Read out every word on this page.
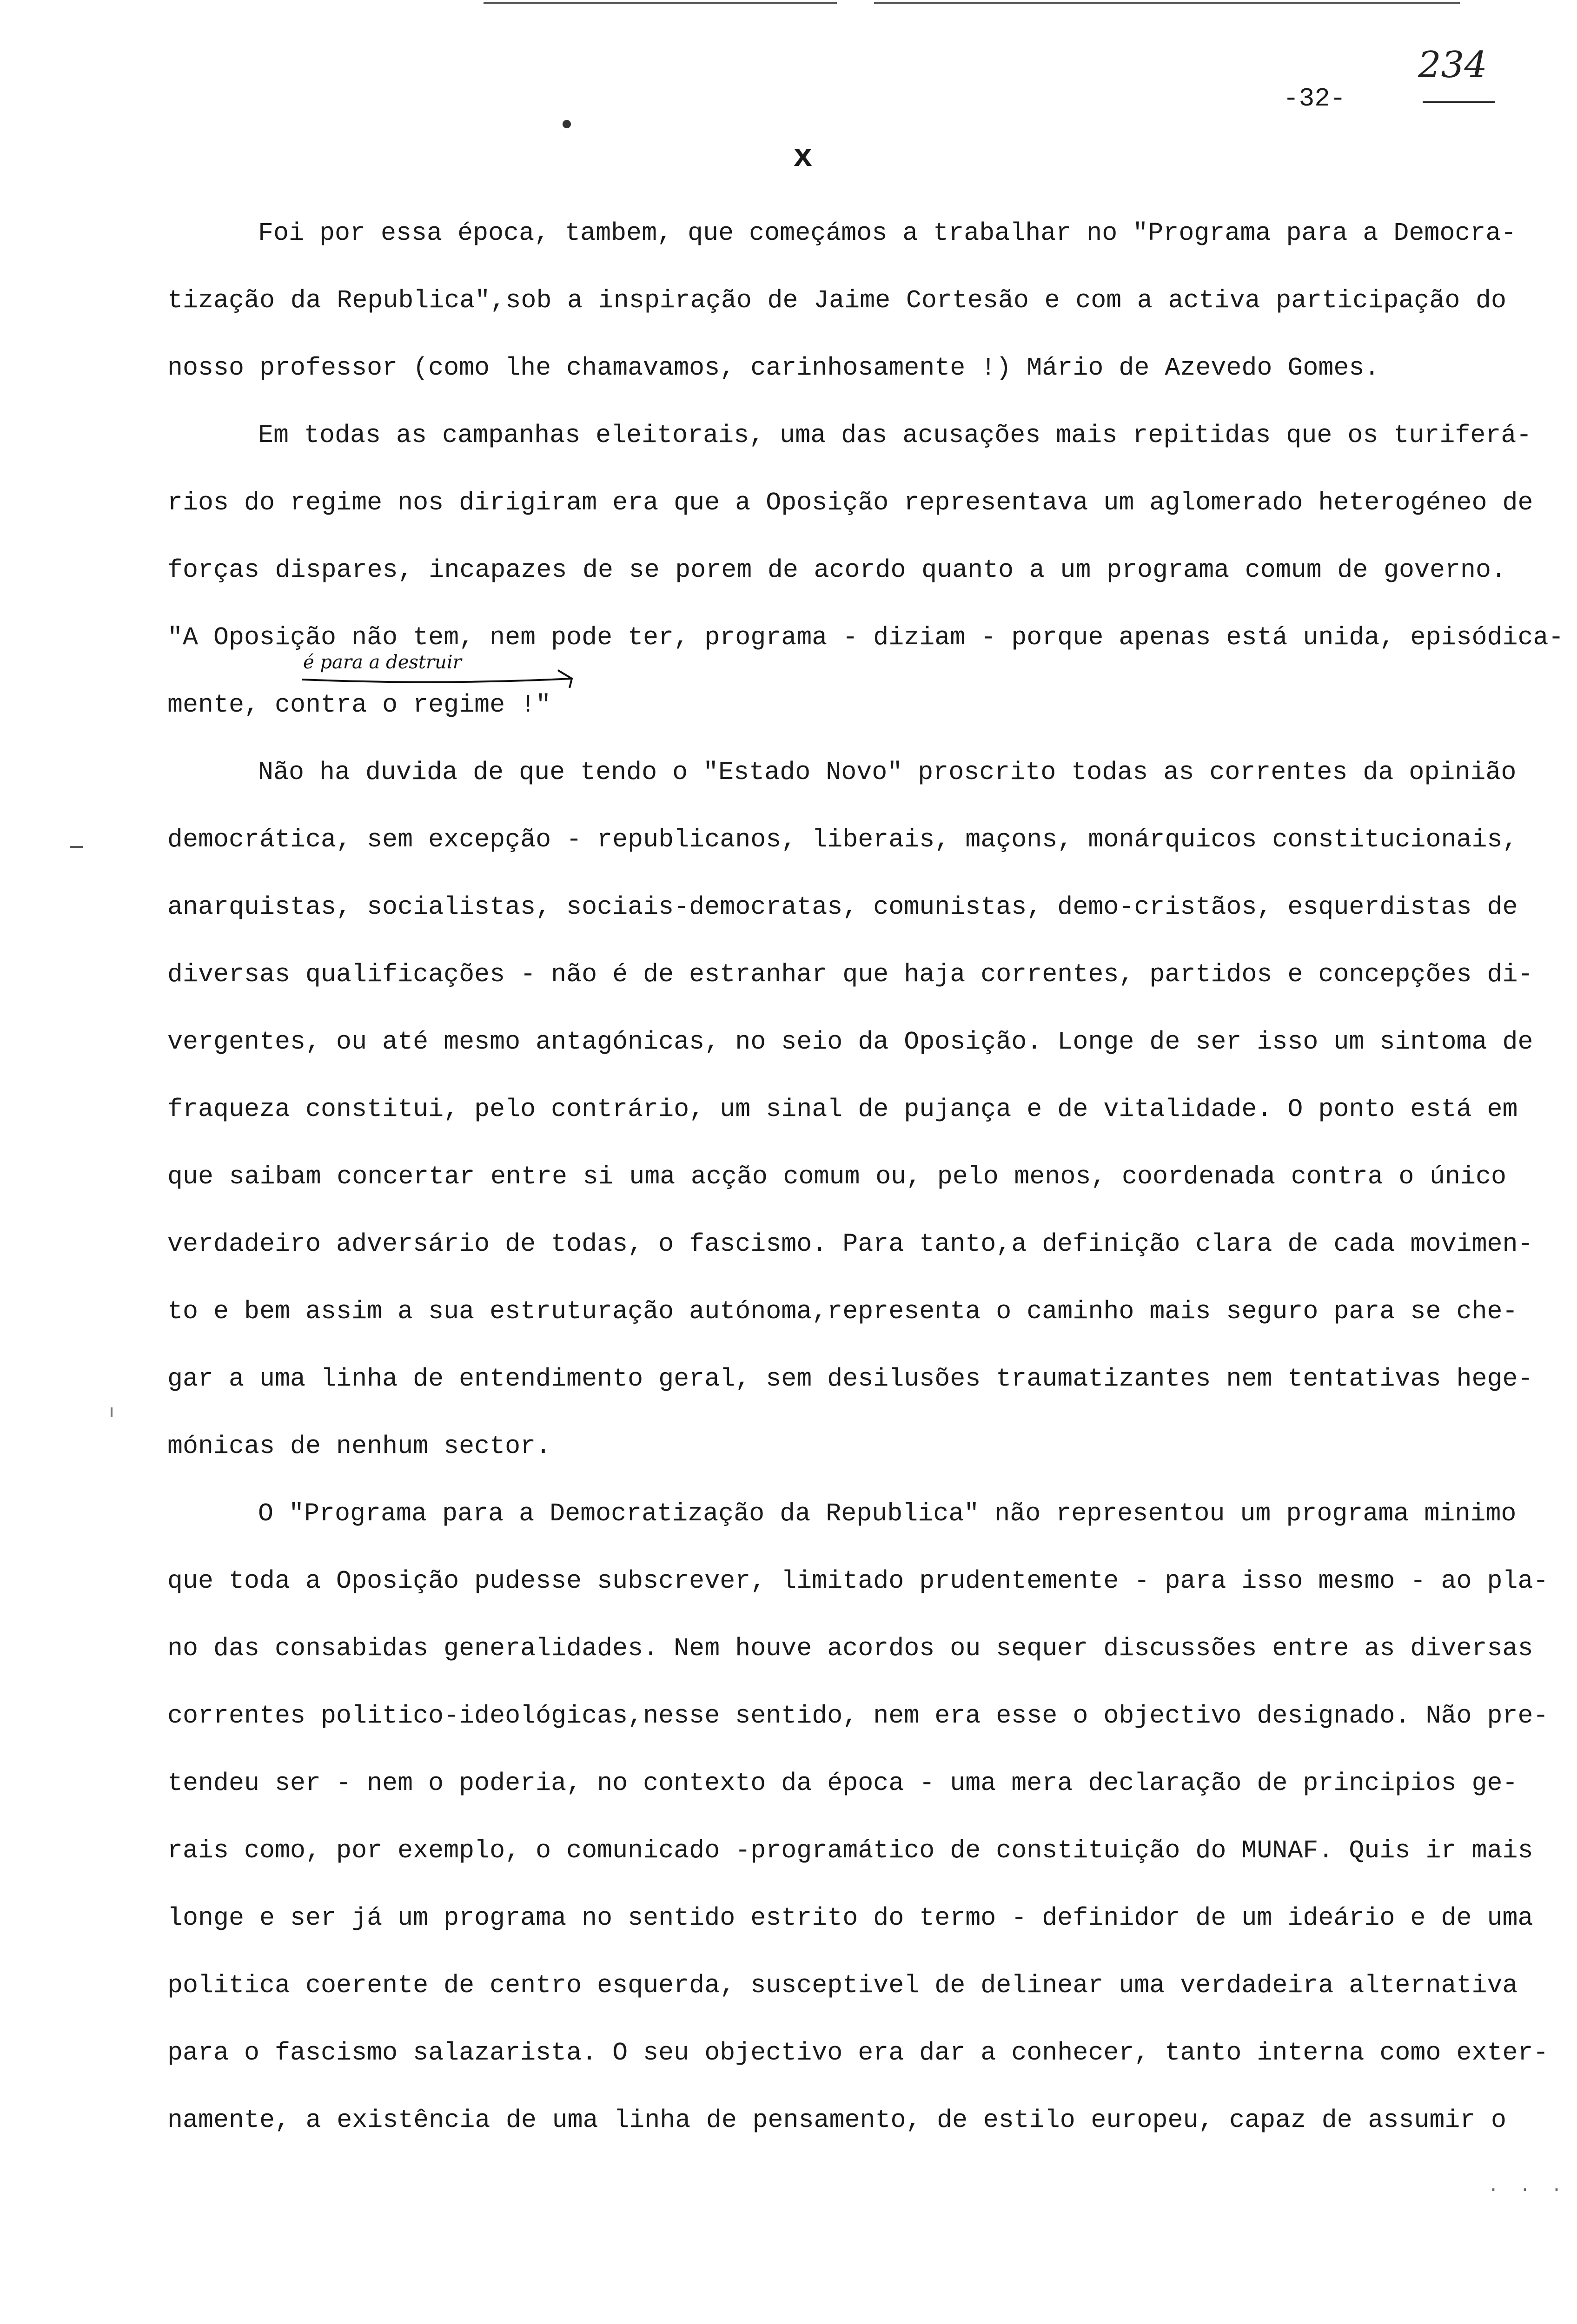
-32-
234
x
· · ·
é para a destruir
Foi por essa época, tambem, que começámos a trabalhar no "Programa para a Democra-
tização da Republica",sob a inspiração de Jaime Cortesão e com a activa participação do
nosso professor (como lhe chamavamos, carinhosamente !) Mário de Azevedo Gomes.
Em todas as campanhas eleitorais, uma das acusações mais repitidas que os turiferá-
rios do regime nos dirigiram era que a Oposição representava um aglomerado heterogéneo de
forças dispares, incapazes de se porem de acordo quanto a um programa comum de governo.
"A Oposição não tem, nem pode ter, programa - diziam - porque apenas está unida, episódica-
mente, contra o regime !"
Não ha duvida de que tendo o "Estado Novo" proscrito todas as correntes da opinião
democrática, sem excepção - republicanos, liberais, maçons, monárquicos constitucionais,
anarquistas, socialistas, sociais-democratas, comunistas, demo-cristãos, esquerdistas de
diversas qualificações - não é de estranhar que haja correntes, partidos e concepções di-
vergentes, ou até mesmo antagónicas, no seio da Oposição. Longe de ser isso um sintoma de
fraqueza constitui, pelo contrário, um sinal de pujança e de vitalidade. O ponto está em
que saibam concertar entre si uma acção comum ou, pelo menos, coordenada contra o único
verdadeiro adversário de todas, o fascismo. Para tanto,a definição clara de cada movimen-
to e bem assim a sua estruturação autónoma,representa o caminho mais seguro para se che-
gar a uma linha de entendimento geral, sem desilusões traumatizantes nem tentativas hege-
mónicas de nenhum sector.
O "Programa para a Democratização da Republica" não representou um programa minimo
que toda a Oposição pudesse subscrever, limitado prudentemente - para isso mesmo - ao pla-
no das consabidas generalidades. Nem houve acordos ou sequer discussões entre as diversas
correntes politico-ideológicas,nesse sentido, nem era esse o objectivo designado. Não pre-
tendeu ser - nem o poderia, no contexto da época - uma mera declaração de principios ge-
rais como, por exemplo, o comunicado -programático de constituição do MUNAF. Quis ir mais
longe e ser já um programa no sentido estrito do termo - definidor de um ideário e de uma
politica coerente de centro esquerda, susceptivel de delinear uma verdadeira alternativa
para o fascismo salazarista. O seu objectivo era dar a conhecer, tanto interna como exter-
namente, a existência de uma linha de pensamento, de estilo europeu, capaz de assumir o
